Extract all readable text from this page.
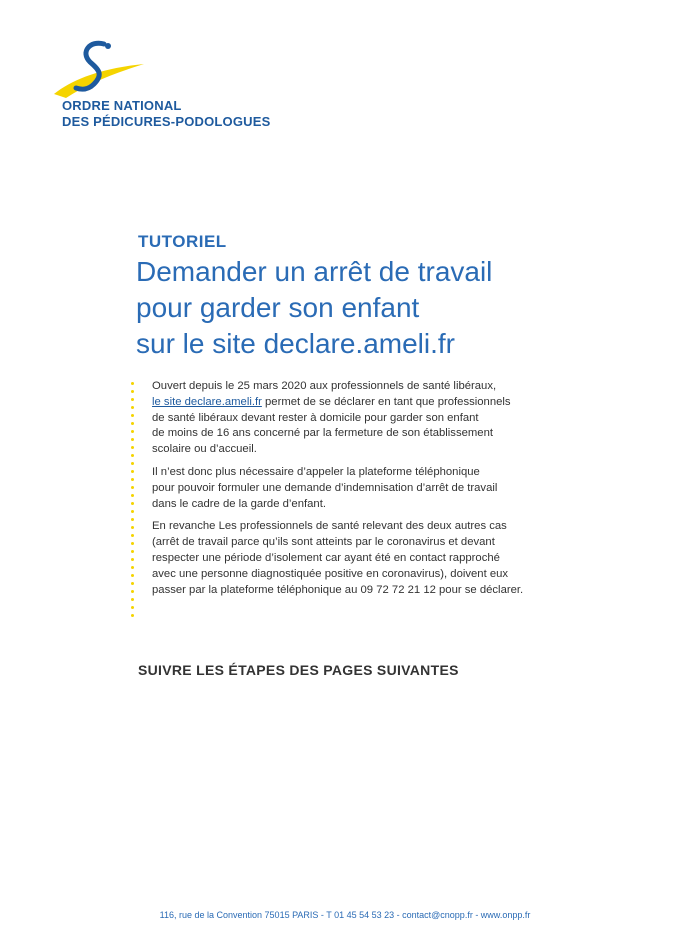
ORDRE NATIONAL
DES PÉDICURES-PODOLOGUES
TUTORIEL
Demander un arrêt de travail
pour garder son enfant
sur le site declare.ameli.fr
Ouvert depuis le 25 mars 2020 aux professionnels de santé libéraux,
le site declare.ameli.fr permet de se déclarer en tant que professionnels
de santé libéraux devant rester à domicile pour garder son enfant
de moins de 16 ans concerné par la fermeture de son établissement
scolaire ou d’accueil.
Il n’est donc plus nécessaire d’appeler la plateforme téléphonique
pour pouvoir formuler une demande d’indemnisation d’arrêt de travail
dans le cadre de la garde d’enfant.
En revanche Les professionnels de santé relevant des deux autres cas
(arrêt de travail parce qu’ils sont atteints par le coronavirus et devant
respecter une période d’isolement car ayant été en contact rapproché
avec une personne diagnostiquée positive en coronavirus), doivent eux
passer par la plateforme téléphonique au 09 72 72 21 12 pour se déclarer.
SUIVRE LES ÉTAPES DES PAGES SUIVANTES
116, rue de la Convention 75015 PARIS - T 01 45 54 53 23 - contact@cnopp.fr - www.onpp.fr
